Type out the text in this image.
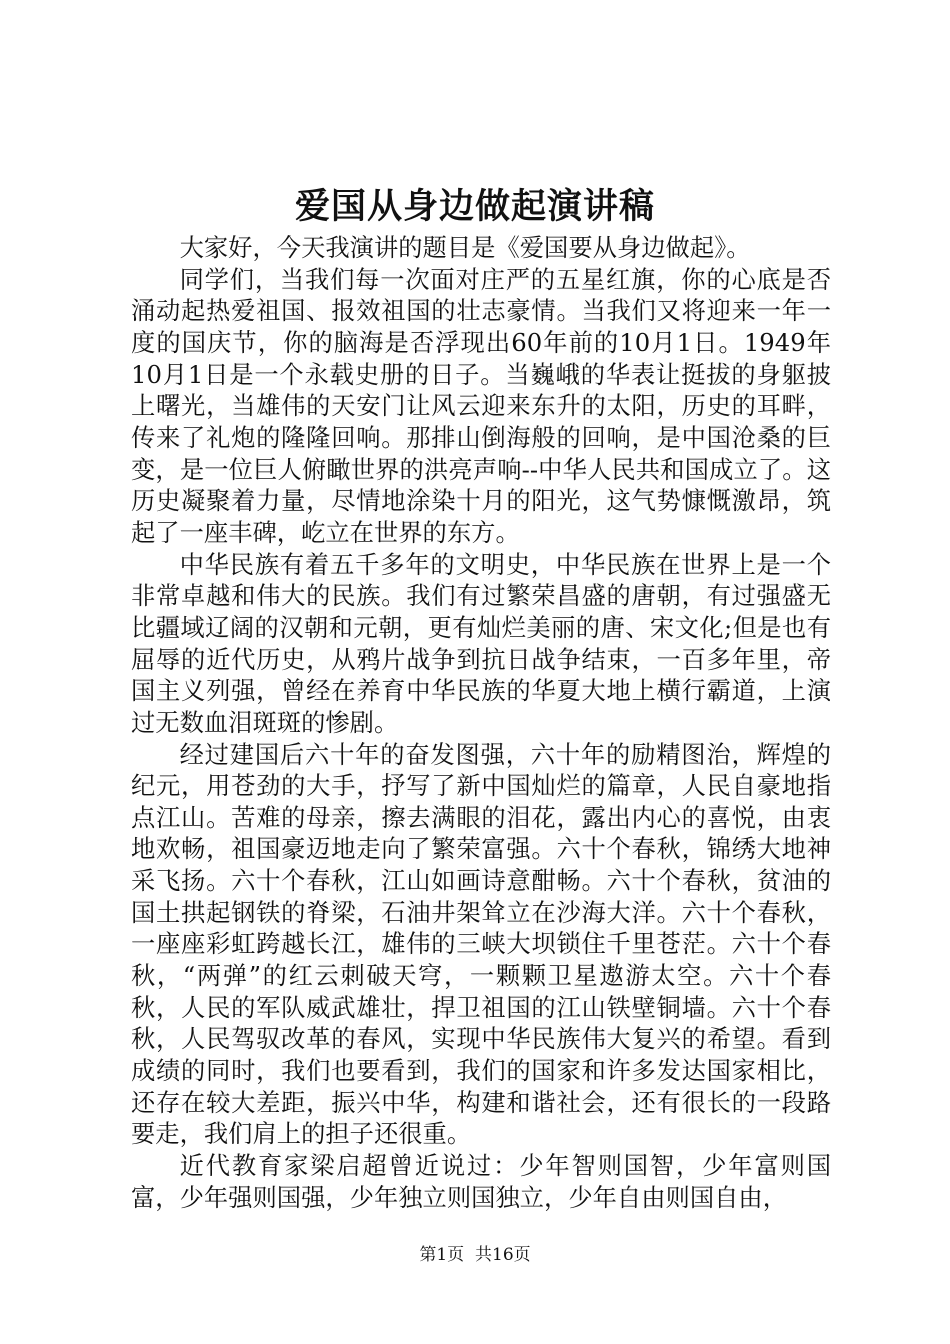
爱国从身边做起演讲稿

大家好，今天我演讲的题目是《爱国要从身边做起》。

同学们，当我们每一次面对庄严的五星红旗，你的心底是否涌动起热爱祖国、报效祖国的壮志豪情。当我们又将迎来一年一度的国庆节，你的脑海是否浮现出60年前的10月1日。1949年10月1日是一个永载史册的日子。当巍峨的华表让挺拔的身躯披上曙光，当雄伟的天安门让风云迎来东升的太阳，历史的耳畔，传来了礼炮的隆隆回响。那排山倒海般的回响，是中国沧桑的巨变，是一位巨人俯瞰世界的洪亮声响--中华人民共和国成立了。这历史凝聚着力量，尽情地涂染十月的阳光，这气势慷慨激昂，筑起了一座丰碑，屹立在世界的东方。

中华民族有着五千多年的文明史，中华民族在世界上是一个非常卓越和伟大的民族。我们有过繁荣昌盛的唐朝，有过强盛无比疆域辽阔的汉朝和元朝，更有灿烂美丽的唐、宋文化;但是也有屈辱的近代历史，从鸦片战争到抗日战争结束，一百多年里，帝国主义列强，曾经在养育中华民族的华夏大地上横行霸道，上演过无数血泪斑斑的惨剧。

经过建国后六十年的奋发图强，六十年的励精图治，辉煌的纪元，用苍劲的大手，抒写了新中国灿烂的篇章，人民自豪地指点江山。苦难的母亲，擦去满眼的泪花，露出内心的喜悦，由衷地欢畅，祖国豪迈地走向了繁荣富强。六十个春秋，锦绣大地神采飞扬。六十个春秋，江山如画诗意酣畅。六十个春秋，贫油的国土拱起钢铁的脊梁，石油井架耸立在沙海大洋。六十个春秋，一座座彩虹跨越长江，雄伟的三峡大坝锁住千里苍茫。六十个春秋，“两弹”的红云刺破天穹，一颗颗卫星遨游太空。六十个春秋，人民的军队威武雄壮，捍卫祖国的江山铁壁铜墙。六十个春秋，人民驾驭改革的春风，实现中华民族伟大复兴的希望。看到成绩的同时，我们也要看到，我们的国家和许多发达国家相比，还存在较大差距，振兴中华，构建和谐社会，还有很长的一段路要走，我们肩上的担子还很重。

近代教育家梁启超曾近说过：少年智则国智，少年富则国富，少年强则国强，少年独立则国独立，少年自由则国自由，

第1页 共16页
